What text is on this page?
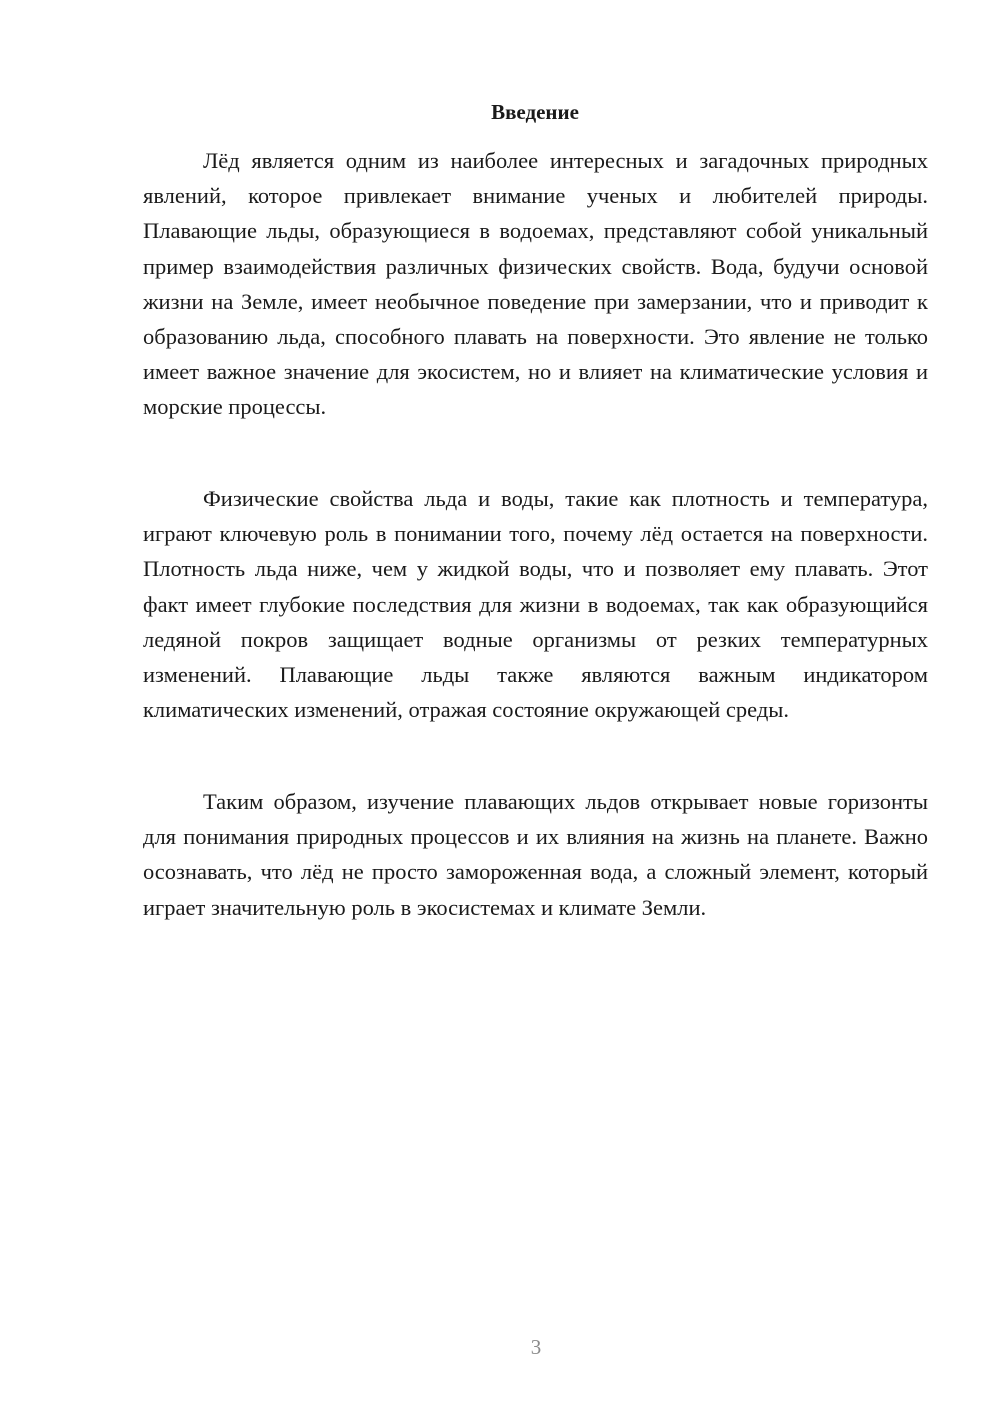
Введение

Лёд является одним из наиболее интересных и загадочных природных явлений, которое привлекает внимание ученых и любителей природы. Плавающие льды, образующиеся в водоемах, представляют собой уникальный пример взаимодействия различных физических свойств. Вода, будучи основой жизни на Земле, имеет необычное поведение при замерзании, что и приводит к образованию льда, способного плавать на поверхности. Это явление не только имеет важное значение для экосистем, но и влияет на климатические условия и морские процессы.

Физические свойства льда и воды, такие как плотность и температура, играют ключевую роль в понимании того, почему лёд остается на поверхности. Плотность льда ниже, чем у жидкой воды, что и позволяет ему плавать. Этот факт имеет глубокие последствия для жизни в водоемах, так как образующийся ледяной покров защищает водные организмы от резких температурных изменений. Плавающие льды также являются важным индикатором климатических изменений, отражая состояние окружающей среды.

Таким образом, изучение плавающих льдов открывает новые горизонты для понимания природных процессов и их влияния на жизнь на планете. Важно осознавать, что лёд не просто замороженная вода, а сложный элемент, который играет значительную роль в экосистемах и климате Земли.

3
